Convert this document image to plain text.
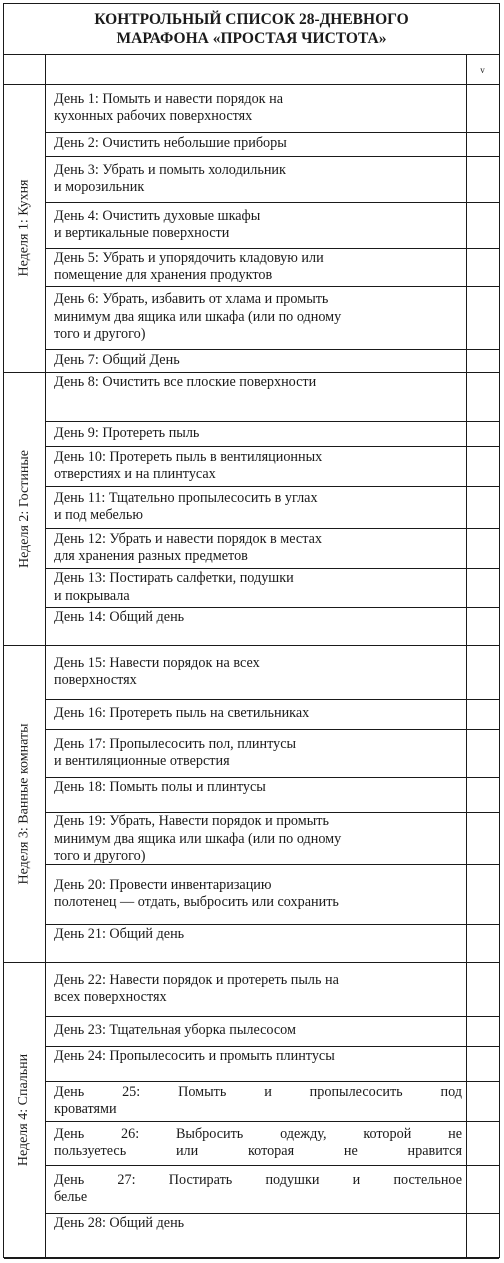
КОНТРОЛЬНЫЙ СПИСОК 28-ДНЕВНОГО
МАРАФОНА «ПРОСТАЯ ЧИСТОТА»
v
День 1: Помыть и навести порядок на
кухонных рабочих поверхностях
День 2: Очистить небольшие приборы
День 3: Убрать и помыть холодильник
и морозильник
День 4: Очистить духовые шкафы
и вертикальные поверхности
День 5: Убрать и упорядочить кладовую или
помещение для хранения продуктов
День 6: Убрать, избавить от хлама и промыть
минимум два ящика или шкафа (или по одному
того и другого)
День 7: Общий День
День 8: Очистить все плоские поверхности
День 9: Протереть пыль
День 10: Протереть пыль в вентиляционных
отверстиях и на плинтусах
День 11: Тщательно пропылесосить в углах
и под мебелью
День 12: Убрать и навести порядок в местах
для хранения разных предметов
День 13: Постирать салфетки, подушки
и покрывала
День 14: Общий день
День 15: Навести порядок на всех
поверхностях
День 16: Протереть пыль на светильниках
День 17: Пропылесосить пол, плинтусы
и вентиляционные отверстия
День 18: Помыть полы и плинтусы
День 19: Убрать, Навести порядок и промыть
минимум два ящика или шкафа (или по одному
того и другого)
День 20: Провести инвентаризацию
полотенец — отдать, выбросить или сохранить
День 21: Общий день
День 22: Навести порядок и протереть пыль на
всех поверхностях
День 23: Тщательная уборка пылесосом
День 24: Пропылесосить и промыть плинтусы
День 25: Помыть и пропылесосить под
кроватями
День 26: Выбросить одежду, которой не
пользуетесь или которая не нравится
День 27: Постирать подушки и постельное
белье
День 28: Общий день
Неделя 1: Кухня
Неделя 2: Гостиные
Неделя 3: Ванные комнаты
Неделя 4: Спальни
